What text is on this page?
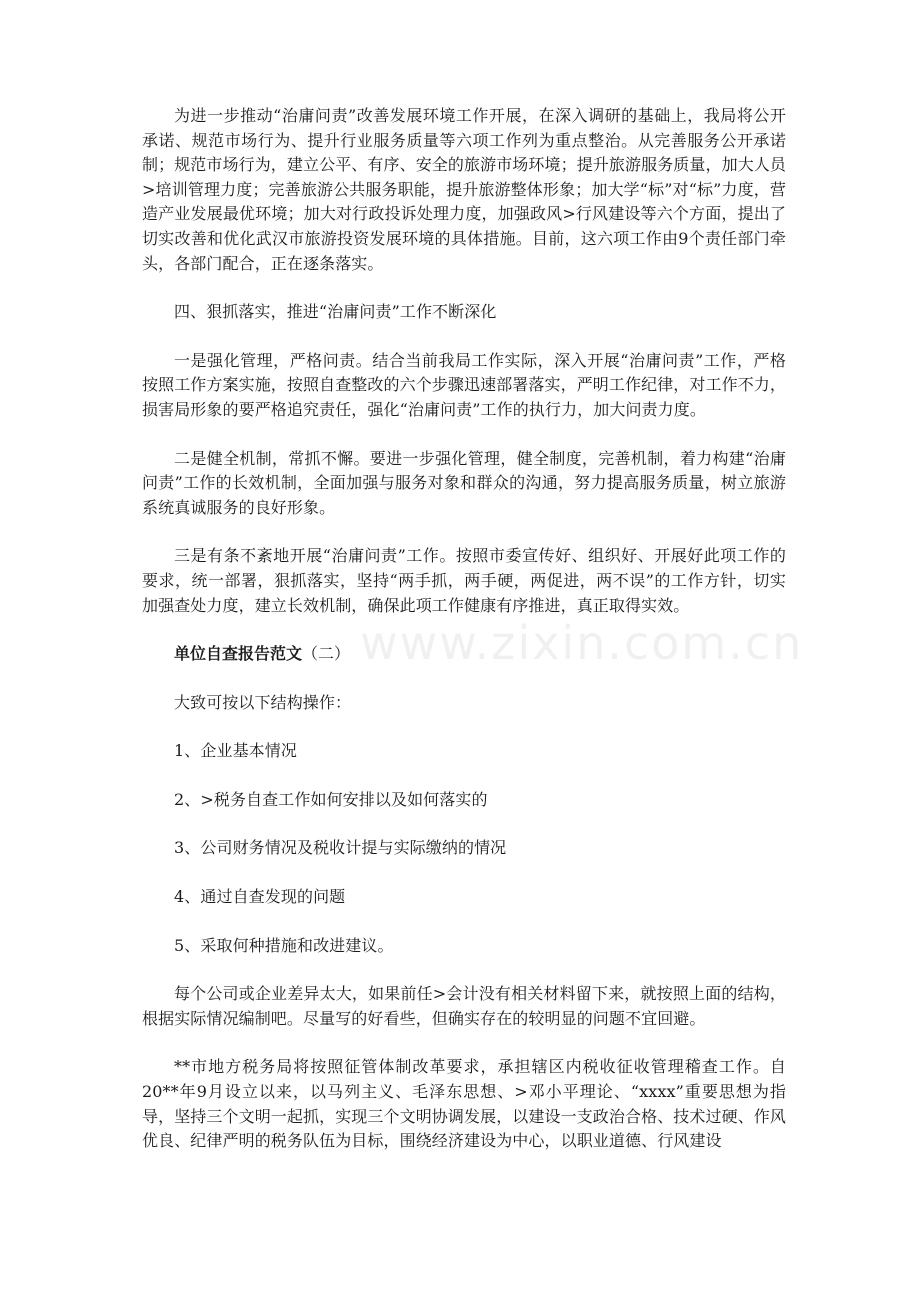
www.zixin.com.cn

为进一步推动“治庸问责”改善发展环境工作开展，在深入调研的基础上，我局将公开承诺、规范市场行为、提升行业服务质量等六项工作列为重点整治。从完善服务公开承诺制；规范市场行为，建立公平、有序、安全的旅游市场环境；提升旅游服务质量，加大人员>培训管理力度；完善旅游公共服务职能，提升旅游整体形象；加大学“标”对“标”力度，营造产业发展最优环境；加大对行政投诉处理力度，加强政风>行风建设等六个方面，提出了切实改善和优化武汉市旅游投资发展环境的具体措施。目前，这六项工作由9个责任部门牵头，各部门配合，正在逐条落实。

四、狠抓落实，推进“治庸问责”工作不断深化

一是强化管理，严格问责。结合当前我局工作实际，深入开展“治庸问责”工作，严格按照工作方案实施，按照自查整改的六个步骤迅速部署落实，严明工作纪律，对工作不力，损害局形象的要严格追究责任，强化“治庸问责”工作的执行力，加大问责力度。

二是健全机制，常抓不懈。要进一步强化管理，健全制度，完善机制，着力构建“治庸问责”工作的长效机制，全面加强与服务对象和群众的沟通，努力提高服务质量，树立旅游系统真诚服务的良好形象。

三是有条不紊地开展“治庸问责”工作。按照市委宣传好、组织好、开展好此项工作的要求，统一部署，狠抓落实，坚持“两手抓，两手硬，两促进，两不误”的工作方针，切实加强查处力度，建立长效机制，确保此项工作健康有序推进，真正取得实效。

单位自查报告范文（二）

大致可按以下结构操作：

1、企业基本情况

2、>税务自查工作如何安排以及如何落实的

3、公司财务情况及税收计提与实际缴纳的情况

4、通过自查发现的问题

5、采取何种措施和改进建议。

每个公司或企业差异太大，如果前任>会计没有相关材料留下来，就按照上面的结构，根据实际情况编制吧。尽量写的好看些，但确实存在的较明显的问题不宜回避。

**市地方税务局将按照征管体制改革要求，承担辖区内税收征收管理稽查工作。自20**年9月设立以来，以马列主义、毛泽东思想、>邓小平理论、“xxxx”重要思想为指导，坚持三个文明一起抓，实现三个文明协调发展，以建设一支政治合格、技术过硬、作风优良、纪律严明的税务队伍为目标，围绕经济建设为中心，以职业道德、行风建设
